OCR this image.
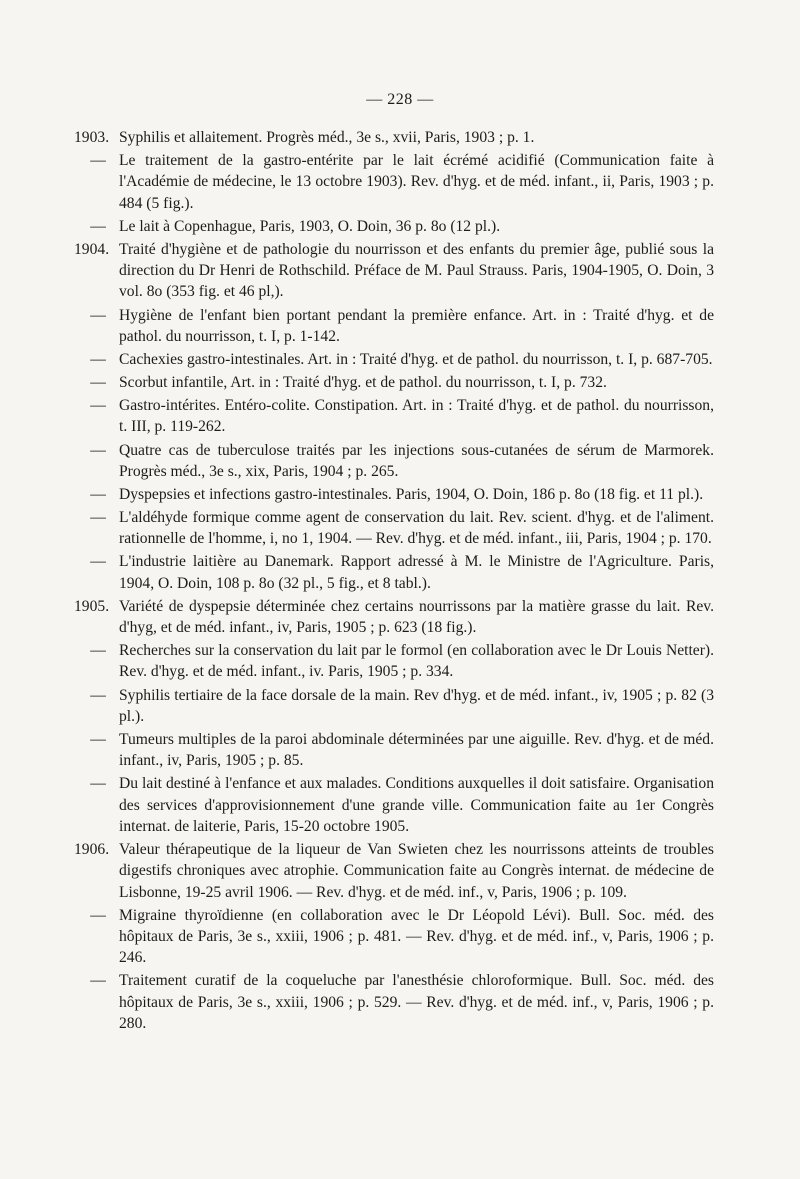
— 228 —
1903. Syphilis et allaitement. Progrès méd., 3e s., xvii, Paris, 1903 ; p. 1.
— Le traitement de la gastro-entérite par le lait écrémé acidifié (Communication faite à l'Académie de médecine, le 13 octobre 1903). Rev. d'hyg. et de méd. infant., ii, Paris, 1903 ; p. 484 (5 fig.).
— Le lait à Copenhague, Paris, 1903, O. Doin, 36 p. 8o (12 pl.).
1904. Traité d'hygiène et de pathologie du nourrisson et des enfants du premier âge, publié sous la direction du Dr Henri de Rothschild. Préface de M. Paul Strauss. Paris, 1904-1905, O. Doin, 3 vol. 8o (353 fig. et 46 pl,).
— Hygiène de l'enfant bien portant pendant la première enfance. Art. in : Traité d'hyg. et de pathol. du nourrisson, t. I, p. 1-142.
— Cachexies gastro-intestinales. Art. in : Traité d'hyg. et de pathol. du nourrisson, t. I, p. 687-705.
— Scorbut infantile, Art. in : Traité d'hyg. et de pathol. du nourrisson, t. I, p. 732.
— Gastro-intérites. Entéro-colite. Constipation. Art. in : Traité d'hyg. et de pathol. du nourrisson, t. III, p. 119-262.
— Quatre cas de tuberculose traités par les injections sous-cutanées de sérum de Marmorek. Progrès méd., 3e s., xix, Paris, 1904 ; p. 265.
— Dyspepsies et infections gastro-intestinales. Paris, 1904, O. Doin, 186 p. 8o (18 fig. et 11 pl.).
— L'aldéhyde formique comme agent de conservation du lait. Rev. scient. d'hyg. et de l'aliment. rationnelle de l'homme, i, no 1, 1904. — Rev. d'hyg. et de méd. infant., iii, Paris, 1904 ; p. 170.
— L'industrie laitière au Danemark. Rapport adressé à M. le Ministre de l'Agriculture. Paris, 1904, O. Doin, 108 p. 8o (32 pl., 5 fig., et 8 tabl.).
1905. Variété de dyspepsie déterminée chez certains nourrissons par la matière grasse du lait. Rev. d'hyg, et de méd. infant., iv, Paris, 1905 ; p. 623 (18 fig.).
— Recherches sur la conservation du lait par le formol (en collaboration avec le Dr Louis Netter). Rev. d'hyg. et de méd. infant., iv. Paris, 1905 ; p. 334.
— Syphilis tertiaire de la face dorsale de la main. Rev d'hyg. et de méd. infant., iv, 1905 ; p. 82 (3 pl.).
— Tumeurs multiples de la paroi abdominale déterminées par une aiguille. Rev. d'hyg. et de méd. infant., iv, Paris, 1905 ; p. 85.
— Du lait destiné à l'enfance et aux malades. Conditions auxquelles il doit satisfaire. Organisation des services d'approvisionnement d'une grande ville. Communication faite au 1er Congrès internat. de laiterie, Paris, 15-20 octobre 1905.
1906. Valeur thérapeutique de la liqueur de Van Swieten chez les nourrissons atteints de troubles digestifs chroniques avec atrophie. Communication faite au Congrès internat. de médecine de Lisbonne, 19-25 avril 1906. — Rev. d'hyg. et de méd. inf., v, Paris, 1906 ; p. 109.
— Migraine thyroïdienne (en collaboration avec le Dr Léopold Lévi). Bull. Soc. méd. des hôpitaux de Paris, 3e s., xxiii, 1906 ; p. 481. — Rev. d'hyg. et de méd. inf., v, Paris, 1906 ; p. 246.
— Traitement curatif de la coqueluche par l'anesthésie chloroformique. Bull. Soc. méd. des hôpitaux de Paris, 3e s., xxiii, 1906 ; p. 529. — Rev. d'hyg. et de méd. inf., v, Paris, 1906 ; p. 280.
